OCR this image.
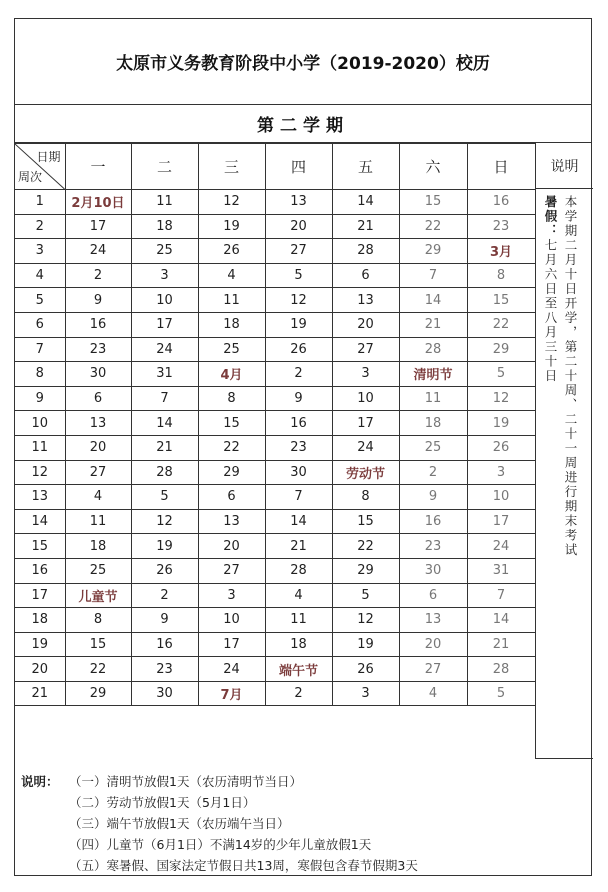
太原市义务教育阶段中小学（2019-2020）校历
第二学期
日期
周次	一	二	三	四	五	六	日
1	2月10日	11	12	13	14	15	16
2	17	18	19	20	21	22	23
3	24	25	26	27	28	29	3月
4	2	3	4	5	6	7	8
5	9	10	11	12	13	14	15
6	16	17	18	19	20	21	22
7	23	24	25	26	27	28	29
8	30	31	4月	2	3	清明节	5
9	6	7	8	9	10	11	12
10	13	14	15	16	17	18	19
11	20	21	22	23	24	25	26
12	27	28	29	30	劳动节	2	3
13	4	5	6	7	8	9	10
14	11	12	13	14	15	16	17
15	18	19	20	21	22	23	24
16	25	26	27	28	29	30	31
17	儿童节	2	3	4	5	6	7
18	8	9	10	11	12	13	14
19	15	16	17	18	19	20	21
20	22	23	24	端午节	26	27	28
21	29	30	7月	2	3	4	5
说明
暑假：七月六日至八月三十日 本学期二月十日开学，第二十周、二十一周进行期末考试
说明： （一）清明节放假1天（农历清明节当日）
（二）劳动节放假1天（5月1日）
（三）端午节放假1天（农历端午当日）
（四）儿童节（6月1日）不满14岁的少年儿童放假1天
（五）寒暑假、国家法定节假日共13周，寒假包含春节假期3天
